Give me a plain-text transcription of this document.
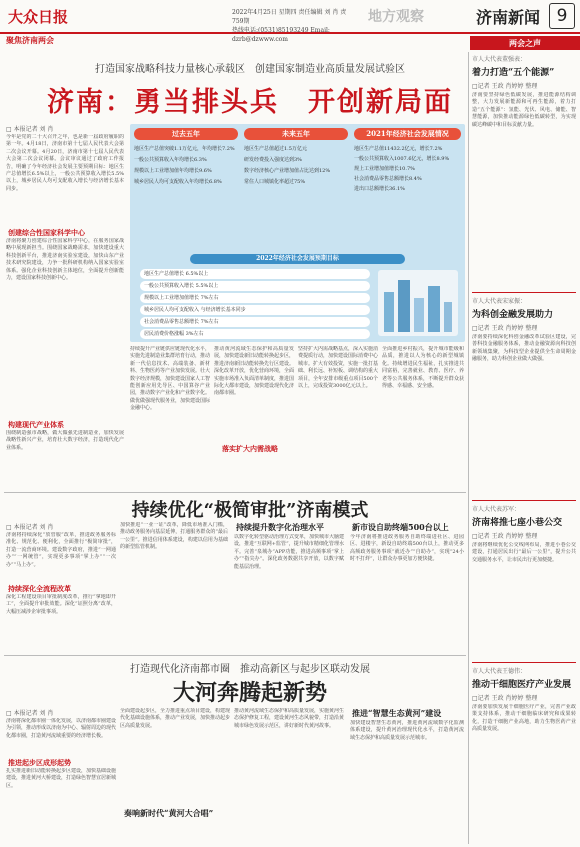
大众日报	2022年4月25日 星期四 责任编辑 刘 肖 责759期
热线电话:(0531)85193249 Email: dzrb@dzwww.com
地方观察	济南新闻 9
聚焦济南两会	两会之声
打造国家战略科技力量核心承载区　创建国家制造业高质量发展试验区
济南：勇当排头兵　开创新局面
□ 本报记者 刘 肖
今年是党的二十大召开之年，也是新一届政府履职的第一年。4月18日，济南市第十七届人民代表大会第二次会议开幕。4月20日，济南市第十七届人民代表大会第二次会议闭幕。会议审议通过了政府工作报告，明确了今年经济社会发展主要预期目标：地区生产总值增长6.5%以上，一般公共预算收入增长5.5%以上，城乡居民人均可支配收入增长与经济增长基本同步。
创建综合性国家科学中心
济南将聚力创建综合性国家科学中心，在服务国家战略中展现新担当。围绕国家战略需求，加快建设重大科技创新平台，推进济南实验室建设，加快山东产业技术研究院建设，力争一批科研机构纳入国家实验室体系。强化企业科技创新主体地位，全面提升创新能力，建设国家科技创新中心。
构建现代产业体系
围绕制造强市战略，做大做强先进制造业，加快发展战略性新兴产业，培育壮大数字经济，打造现代化产业体系。
过去五年
地区生产总值突破1.1万亿元，年均增长7.2%
一般公共预算收入年均增长6.3%
规模以上工业增加值年均增长9.6%
城乡居民人均可支配收入年均增长6.8%
未来五年
地区生产总值超过1.5万亿元
研发经费投入强度达到3%
数字经济核心产业增加值占比达到12%
常住人口城镇化率超过75%
2021年经济社会发展情况
地区生产总值11432.2亿元，增长7.2%
一般公共预算收入1007.6亿元，增长8.9%
规上工业增加值增长10.7%
社会消费品零售总额增长8.4%
进出口总额增长36.1%
2022年经济社会发展预期目标
地区生产总值增长 6.5%以上
一般公共预算收入增长 5.5%以上
规模以上工业增加值增长 7%左右
城乡居民人均可支配收入 与经济增长基本同步
社会消费品零售总额增长 7%左右
居民消费价格涨幅 3%左右
持续提升产业链供应链现代化水平，实施先进制造业集群培育行动，推动新一代信息技术、高端装备、新材料、生物医药等产业加快发展。壮大数字经济规模，加快建设国家人工智能创新应用先导区、中国算谷产业园，推动数字产业化和产业数字化。做优做强现代服务业，加快建设国际金融中心。
推动黄河流域生态保护和高质量发展，加快建设新旧动能转换起步区，推进济南新旧动能转换先行区建设。深化改革开放，优化营商环境，全面实施市场准入负面清单制度，推进国际化大都市建设，加快建设现代化济南都市圈。
落实扩大内需战略
坚持扩大内需战略基点，深入实施消费提质行动，加快建设国际消费中心城市。扩大有效投资，实施一批打基础、利长远、补短板、调结构的重大项目，全年安排市级重点项目500个以上，完成投资3000亿元以上。
全面推进乡村振兴，提升城市能级和品质，推进以人为核心的新型城镇化。持续增进民生福祉，扎实推进共同富裕，完善就业、教育、医疗、养老等公共服务体系，不断提升群众获得感、幸福感、安全感。
持续优化“极简审批”济南模式
□ 本报记者 刘 肖
济南将持续深化“放管服”改革，推进政务服务标准化、规范化、便利化，全面推行“极简审批”，打造一流营商环境。建设数字政府，推进“一网通办”“一网统管”，实现更多事项“掌上办”“一次办”“马上办”。
持续深化全流程改革
深化工程建设项目审批制度改革，推行“拿地即开工”，全面提升审批效能。深化“证照分离”改革，大幅压减涉企审批事项。
加快推进“一业一证”改革，降低市场准入门槛，推动政务服务向基层延伸，打通服务群众的“最后一公里”。推进信用体系建设，构建以信用为基础的新型监管机制。
持续提升数字化治理水平
以数字化转型驱动治理方式变革，加快城市大脑建设，推进“互联网+监管”，提升城市精细化管理水平。完善“泉城办”APP功能，推进高频事项“掌上办”“指尖办”。深化政务数据共享开放，以数字赋能基层治理。
新市设自助终端500台以上
今年济南将推进政务服务自助终端进社区、进园区、进楼宇，新设自助终端500台以上，推动更多高频政务服务事项“就近办”“自助办”，实现“24小时不打烊”，让群众办事更加方便快捷。
打造现代化济南都市圈　推动高新区与起步区联动发展
大河奔腾起新势
□ 本报记者 刘 肖
济南将深化都市圈一体化发展，以济南都市圈建设为引领，推动形成以济南为中心、辐射周边的现代化都市圈，打造黄河流域重要的经济增长极。
推进起步区成形起势
扎实推进新旧动能转换起步区建设，加快基础设施建设，推进黄河大桥建设，打造绿色智慧宜居新城区。
全面建设起步区，全力推进重点项目建设，构建现代化基础设施体系，推动产业发展，加快推动起步区高质量发展。
奏响新时代“黄河大合唱”
推动黄河流域生态保护和高质量发展，实施黄河生态保护修复工程，建设黄河生态风貌带，打造沿黄城市绿色发展示范区，讲好新时代黄河故事。
推进“智慧生态黄河”建设
加快建设智慧生态黄河，推进黄河流域数字化监测体系建设，提升黄河治理现代化水平，打造黄河流域生态保护和高质量发展示范城市。
市人大代表董强表：
着力打造“五个能源”
□记者 王政 肖婷婷 整理
济南要坚持绿色低碳发展，推进能源结构调整，大力发展新能源和可再生能源，着力打造“五个能源”：氢能、光伏、风电、储能、智慧能源，加快推动能源绿色低碳转型，为实现碳达峰碳中和目标贡献力量。
市人大代表宋家振：
为科创金融发展助力
□记者 王政 肖婷婷 整理
济南要持续深化科创金融改革试验区建设，完善科技金融服务体系，推动金融资源向科技创新领域集聚，为科技型企业提供全生命周期金融服务，助力科创企业做大做强。
市人大代表苏军：
济南将推七座小巷公交
□记者 王政 肖婷婷 整理
济南将继续优化公交线网布局，推进小巷公交建设，打通居民出行“最后一公里”，提升公共交通服务水平，让市民出行更加便捷。
市人大代表王德伟：
推动干细胞医疗产业发展
□记者 王政 肖婷婷 整理
济南要加快发展干细胞医疗产业，完善产业政策支持体系，推动干细胞临床研究和成果转化，打造干细胞产业高地，助力生物医药产业高质量发展。
